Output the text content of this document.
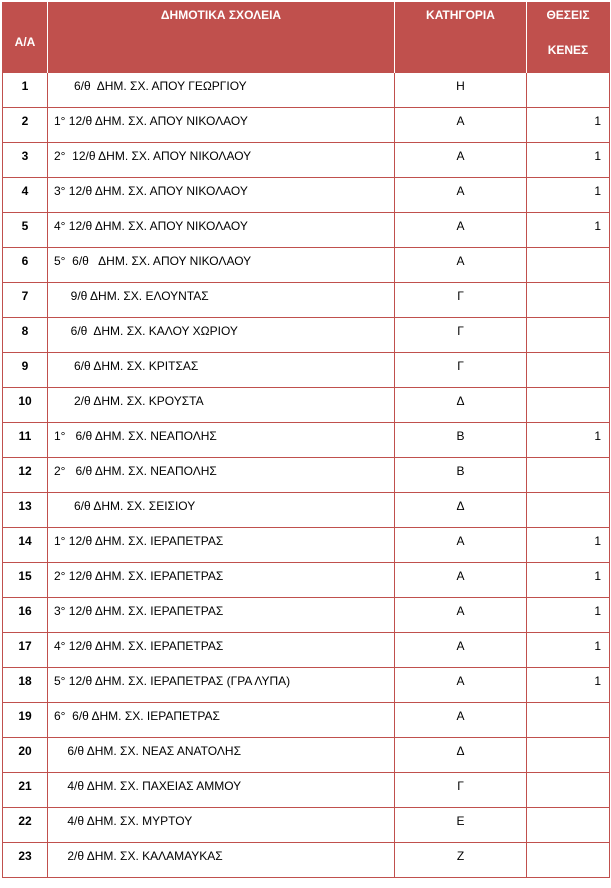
Α/Α	ΔΗΜΟΤΙΚΑ ΣΧΟΛΕΙΑ	ΚΑΤΗΓΟΡΙΑ	ΘΕΣΕΙΣ
ΚΕΝΕΣ

1	6/θ  ΔΗΜ. ΣΧ. ΑΠΟΥ ΓΕΩΡΓΙΟΥ	Η	
2	1° 12/θ ΔΗΜ. ΣΧ. ΑΠΟΥ ΝΙΚΟΛΑΟΥ	Α	1
3	2°  12/θ ΔΗΜ. ΣΧ. ΑΠΟΥ ΝΙΚΟΛΑΟΥ	Α	1
4	3° 12/θ ΔΗΜ. ΣΧ. ΑΠΟΥ ΝΙΚΟΛΑΟΥ	Α	1
5	4° 12/θ ΔΗΜ. ΣΧ. ΑΠΟΥ ΝΙΚΟΛΑΟΥ	Α	1
6	5°  6/θ   ΔΗΜ. ΣΧ. ΑΠΟΥ ΝΙΚΟΛΑΟΥ	Α	
7	9/θ ΔΗΜ. ΣΧ. ΕΛΟΥΝΤΑΣ	Γ	
8	6/θ  ΔΗΜ. ΣΧ. ΚΑΛΟΥ ΧΩΡΙΟΥ	Γ	
9	6/θ ΔΗΜ. ΣΧ. ΚΡΙΤΣΑΣ	Γ	
10	2/θ ΔΗΜ. ΣΧ. ΚΡΟΥΣΤΑ	Δ	
11	1°   6/θ ΔΗΜ. ΣΧ. ΝΕΑΠΟΛΗΣ	Β	1
12	2°   6/θ ΔΗΜ. ΣΧ. ΝΕΑΠΟΛΗΣ	Β	
13	6/θ ΔΗΜ. ΣΧ. ΣΕΙΣΙΟΥ	Δ	
14	1° 12/θ ΔΗΜ. ΣΧ. ΙΕΡΑΠΕΤΡΑΣ	Α	1
15	2° 12/θ ΔΗΜ. ΣΧ. ΙΕΡΑΠΕΤΡΑΣ	Α	1
16	3° 12/θ ΔΗΜ. ΣΧ. ΙΕΡΑΠΕΤΡΑΣ	Α	1
17	4° 12/θ ΔΗΜ. ΣΧ. ΙΕΡΑΠΕΤΡΑΣ	Α	1
18	5° 12/θ ΔΗΜ. ΣΧ. ΙΕΡΑΠΕΤΡΑΣ (ΓΡΑ ΛΥΠΑ)	Α	1
19	6°  6/θ ΔΗΜ. ΣΧ. ΙΕΡΑΠΕΤΡΑΣ	Α	
20	6/θ ΔΗΜ. ΣΧ. ΝΕΑΣ ΑΝΑΤΟΛΗΣ	Δ	
21	4/θ ΔΗΜ. ΣΧ. ΠΑΧΕΙΑΣ ΑΜΜΟΥ	Γ	
22	4/θ ΔΗΜ. ΣΧ. ΜΥΡΤΟΥ	Ε	
23	2/θ ΔΗΜ. ΣΧ. ΚΑΛΑΜΑΥΚΑΣ	Ζ	
